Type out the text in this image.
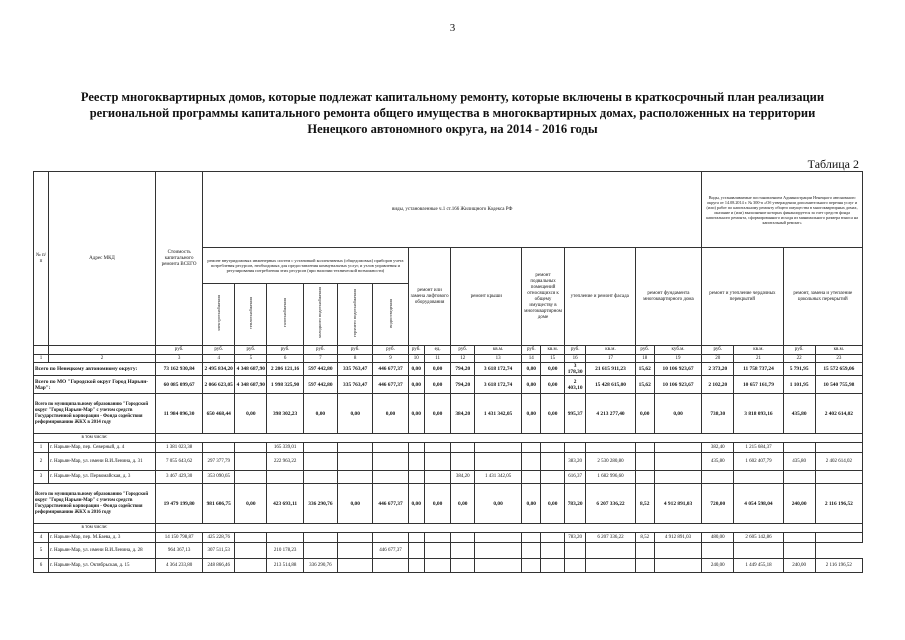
3
Реестр многоквартирных домов, которые подлежат капитальному ремонту, которые включены в краткосрочный план реализации региональной программы капитального ремонта общего имущества в многоквартирных домах, расположенных на территории Ненецкого автономного округа, на 2014 - 2016 годы
Таблица 2
№ п/п	Адрес МКД	Стоимость капитального ремонта ВСЕГО	виды, установленные ч.1 ст.166 Жилищного Кодекса РФ																Виды, устанавливаемые постановлением Администрации Ненецкого автономного округа от 14.08.2014 г. № 300-п «Об утверждении дополнительного перечня услуг и (или) работ по капитальному ремонту общего имущества в многоквартирных домах, оказание и (или) выполнение которых финансируется за счет средств фонда капитального ремонта, сформированного исходя из минимального размера взноса на капитальный ремонт»			
			ремонт внутридомовых инженерных систем с установкой коллективных (общедомовых) приборов учета потребления ресурсов, необходимых для предоставления коммунальных услуг, и узлов управления и регулирования потребления этих ресурсов (при наличии технической возможности)						ремонт или замена лифтового оборудования		ремонт крыши		ремонт подвальных помещений относящихся к общему имуществу в многоквартирном доме		утепление и ремонт фасада		ремонт фундамента многоквартирного дома		ремонт и утепление чердачных перекрытий		ремонт, замена и утепление цокольных перекрытий	
			электроснабжения	теплоснабжения	газоснабжения	холодного водоснабжения	горячего водоснабжения	водоотведения														
		руб.	руб.	руб.	руб.	руб.	руб.	руб.	руб.	ед.	руб.	кв.м.	руб.	кв.м.	руб.	кв.м.	руб.	куб.м.	руб.	кв.м.	руб.	кв.м.
1	2	3	4	5	6	7	8	9	10	11	12	13	14	15	16	17	18	19	20	21	22	23
Всего по Ненецкому автономному округу:		73 162 930,84	2 495 834,20	4 348 687,90	2 206 121,16	597 442,80	335 763,47	446 677,37	0,00	0,00	794,20	3 618 172,74	0,00	0,00	3 178,30	21 615 911,23	15,62	10 106 923,67	2 373,20	11 758 737,24	5 791,95	15 572 659,06
Всего по МО "Городской округ Город Нарьян-Мар":		60 085 099,67	2 066 623,05	4 348 687,90	1 998 325,90	597 442,80	335 763,47	446 677,37	0,00	0,00	794,20	3 618 172,74	0,00	0,00	2 403,10	15 428 615,00	15,62	10 106 923,67	2 102,20	10 657 161,79	1 101,95	10 540 755,98
Всего по муниципальному образованию "Городской округ "Город Нарьян-Мар" с учетом средств Государственной корпорации - Фонда содействия реформированию ЖКХ в 2014 году		11 984 096,30	650 468,44	0,00	398 302,23	0,00	0,00	0,00	0,00	0,00	384,20	1 431 342,05	0,00	0,00	995,37	4 213 277,40	0,00	0,00	738,30	3 818 093,16	435,80	2 402 614,02
в том числе:																						
1	г. Нарьян-Мар, пер. Северный, д. 4	1 381 023,38			165 339,01														382,40	1 215 684,37		
2	г. Нарьян-Мар, ул. имени В.И.Ленина, д. 31	7 055 643,62	297 377,79		222 963,22										383,20	2 530 280,80			435,80	1 602 407,79	435,80	2 402 614,02
3	г. Нарьян-Мар, ул. Первомайская, д. 3	3 467 429,30	353 090,65								384,20	1 431 342,05			616,37	1 682 996,60						
Всего по муниципальному образованию "Городской округ "Город Нарьян-Мар" с учетом средств Государственной корпорации - Фонда содействия реформированию ЖКХ в 2016 году		19 479 199,80	981 606,75	0,00	423 693,11	336 290,76	0,00	446 677,37	0,00	0,00	0,00	0,00	0,00	0,00	783,20	6 207 336,22	8,52	4 912 891,03	720,00	4 054 598,04	240,00	2 116 196,52
в том числе:																						
4	г. Нарьян-Мар, пер. М.Баева, д. 3	14 150 798,87	425 228,76												783,20	6 207 336,22	8,52	4 912 891,03	480,00	2 605 142,86		
5	г. Нарьян-Мар, ул. имени В.И.Ленина, д. 28	964 367,13	307 511,53		210 178,23			446 677,37														
6	г. Нарьян-Мар, ул. Октябрьская, д. 15	4 364 233,80	248 866,46		213 514,88	336 290,76													240,00	1 449 455,18	240,00	2 116 196,52
